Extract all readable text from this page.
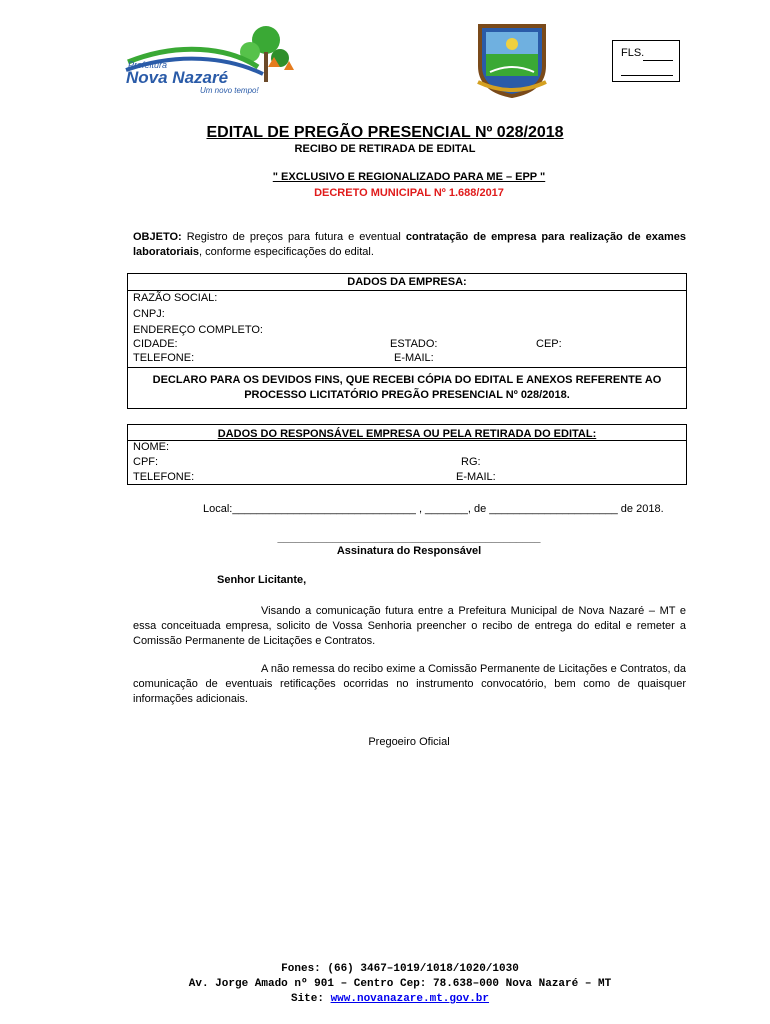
Prefeitura
Nova Nazaré
Um novo tempo!
FLS.
EDITAL DE PREGÃO PRESENCIAL Nº 028/2018
RECIBO DE RETIRADA DE EDITAL
" EXCLUSIVO E REGIONALIZADO PARA ME – EPP "
DECRETO MUNICIPAL Nº 1.688/2017
OBJETO: Registro de preços para futura e eventual contratação de empresa para realização de exames laboratoriais, conforme especificações do edital.
DADOS DA EMPRESA:
RAZÃO SOCIAL:
CNPJ:
ENDEREÇO COMPLETO:
CIDADE:	ESTADO:	CEP:
TELEFONE:	E-MAIL:
DECLARO PARA OS DEVIDOS FINS, QUE RECEBI CÓPIA DO EDITAL E ANEXOS REFERENTE AO PROCESSO LICITATÓRIO PREGÃO PRESENCIAL Nº 028/2018.
DADOS DO RESPONSÁVEL EMPRESA OU PELA RETIRADA DO EDITAL:
NOME:
CPF:	RG:
TELEFONE:	E-MAIL:
Local:______________________________ , _______, de _____________________ de 2018.
___________________________________________
Assinatura do Responsável
Senhor Licitante,
Visando a comunicação futura entre a Prefeitura Municipal de Nova Nazaré – MT e essa conceituada empresa, solicito de Vossa Senhoria preencher o recibo de entrega do edital e remeter a Comissão Permanente de Licitações e Contratos.
A não remessa do recibo exime a Comissão Permanente de Licitações e Contratos, da comunicação de eventuais retificações ocorridas no instrumento convocatório, bem como de quaisquer informações adicionais.
Pregoeiro Oficial
Fones: (66) 3467–1019/1018/1020/1030
Av. Jorge Amado nº 901 – Centro Cep: 78.638–000 Nova Nazaré – MT
Site: www.novanazare.mt.gov.br
